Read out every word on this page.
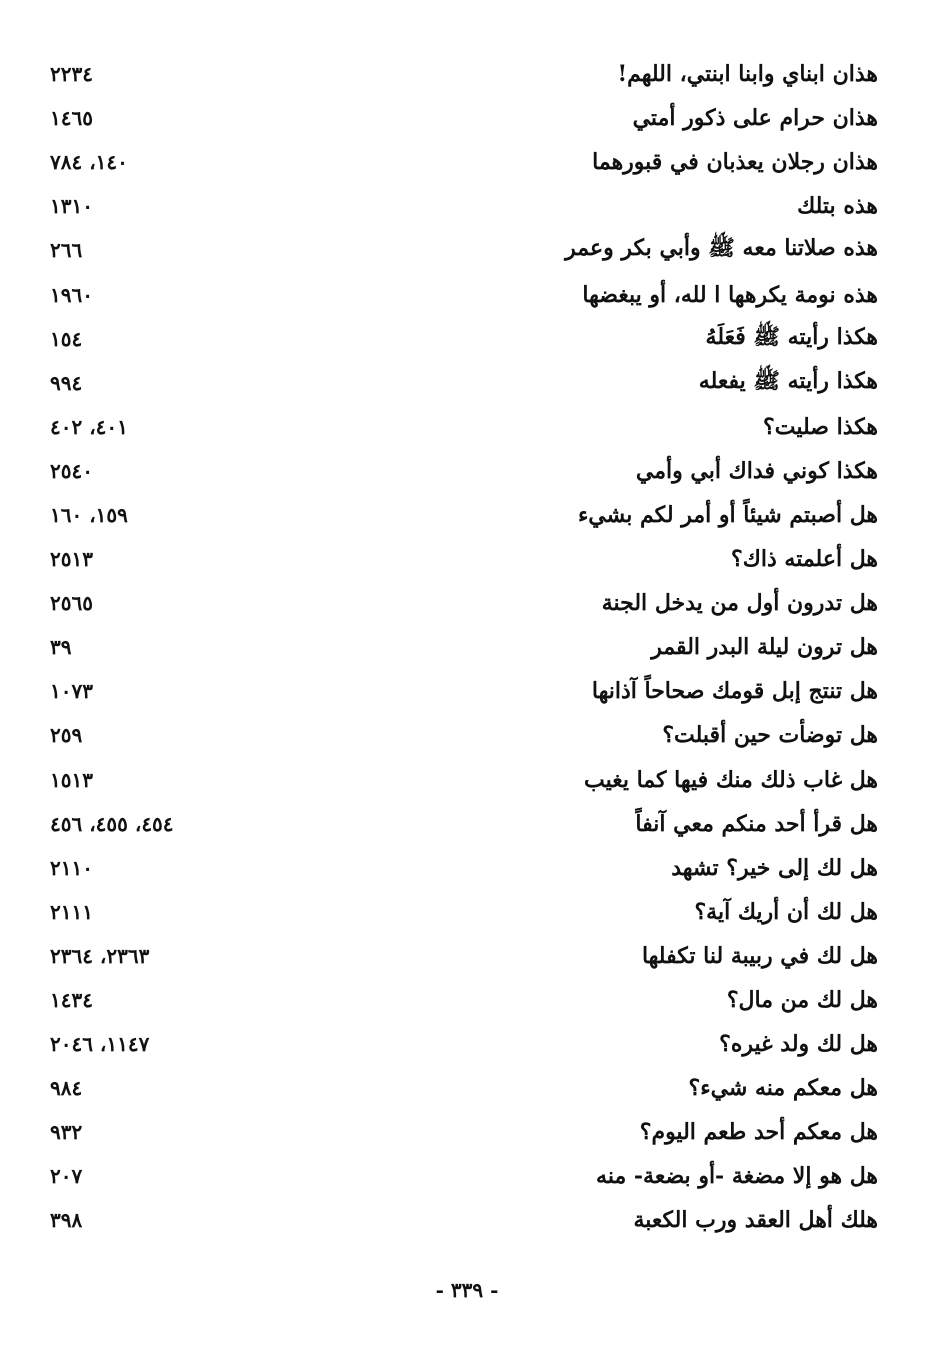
هذان ابناي وابنا ابنتي، اللهم!
٢٢٣٤
هذان حرام على ذكور أمتي
١٤٦٥
هذان رجلان يعذبان في قبورهما
١٤٠، ٧٨٤
هذه بتلك
١٣١٠
هذه صلاتنا معه ﷺ وأبي بكر وعمر
٢٦٦
هذه نومة يكرهها ا لله، أو يبغضها
١٩٦٠
هكذا رأيته ﷺ فَعَلَهُ
١٥٤
هكذا رأيته ﷺ يفعله
٩٩٤
هكذا صليت؟
٤٠١، ٤٠٢
هكذا كوني فداك أبي وأمي
٢٥٤٠
هل أصبتم شيئاً أو أمر لكم بشيء
١٥٩، ١٦٠
هل أعلمته ذاك؟
٢٥١٣
هل تدرون أول من يدخل الجنة
٢٥٦٥
هل ترون ليلة البدر القمر
٣٩
هل تنتج إبل قومك صحاحاً آذانها
١٠٧٣
هل توضأت حين أقبلت؟
٢٥٩
هل غاب ذلك منك فيها كما يغيب
١٥١٣
هل قرأ أحد منكم معي آنفاً
٤٥٤، ٤٥٥، ٤٥٦
هل لك إلى خير؟ تشهد
٢١١٠
هل لك أن أريك آية؟
٢١١١
هل لك في ربيبة لنا تكفلها
٢٣٦٣، ٢٣٦٤
هل لك من مال؟
١٤٣٤
هل لك ولد غيره؟
١١٤٧، ٢٠٤٦
هل معكم منه شيء؟
٩٨٤
هل معكم أحد طعم اليوم؟
٩٣٢
هل هو إلا مضغة -أو بضعة- منه
٢٠٧
هلك أهل العقد ورب الكعبة
٣٩٨
- ٣٣٩ -
